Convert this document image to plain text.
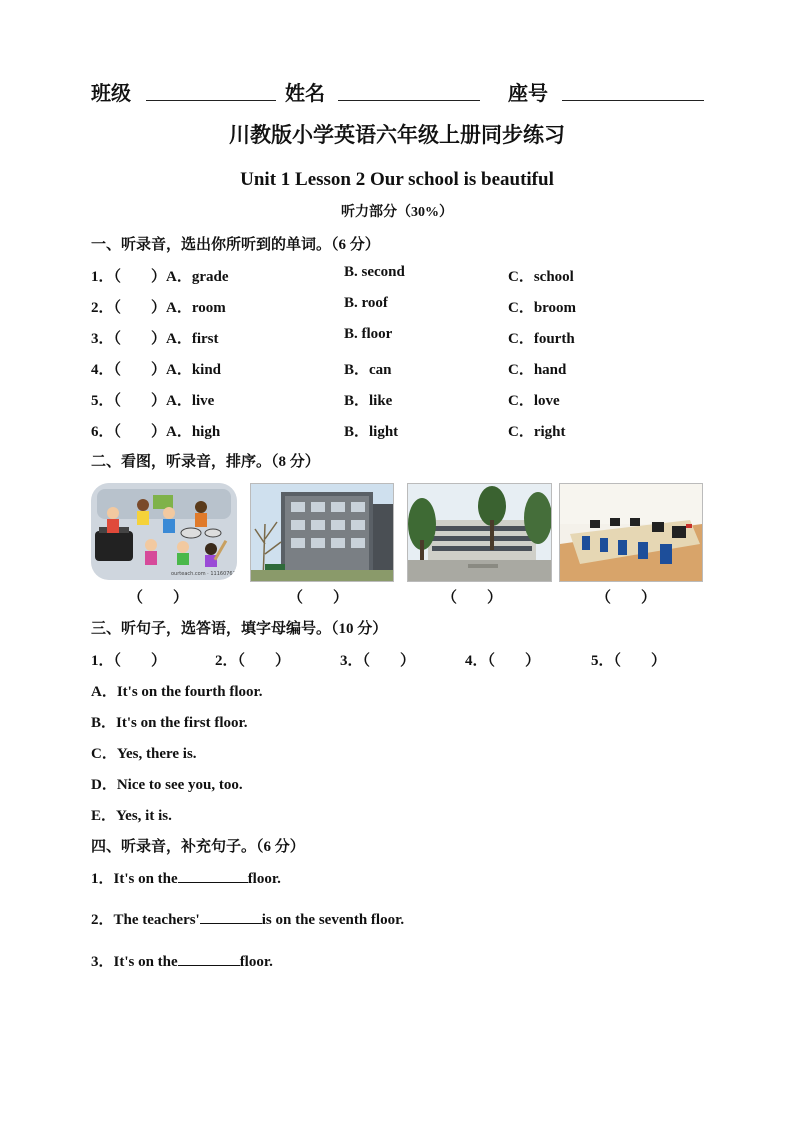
班级	姓名	座号
川教版小学英语六年级上册同步练习
Unit 1 Lesson 2 Our school is beautiful
听力部分（30%）
一、听录音，选出你所听到的单词。（6 分）
1．（　　）A．grade	B. second	C．school
2．（　　）A．room	B. roof	C．broom
3．（　　）A．first	B. floor	C．fourth
4．（　　）A．kind	B．can	C．hand
5．（　　）A．live	B．like	C．love
6．（　　）A．high	B．light	C．right
二、看图，听录音，排序。（8 分）
ourteach.com · 11160761
（　　）	（　　）	（　　）	（　　）
三、听句子，选答语，填字母编号。（10 分）
1．（　　）	2．（　　）	3．（　　）	4．（　　）	5．（　　）
A．It's on the fourth floor.
B．It's on the first floor.
C．Yes, there is.
D．Nice to see you, too.
E．Yes, it is.
四、听录音，补充句子。（6 分）
1．It's on the	floor.
2．The teachers'	is on the seventh floor.
3．It's on the	floor.
